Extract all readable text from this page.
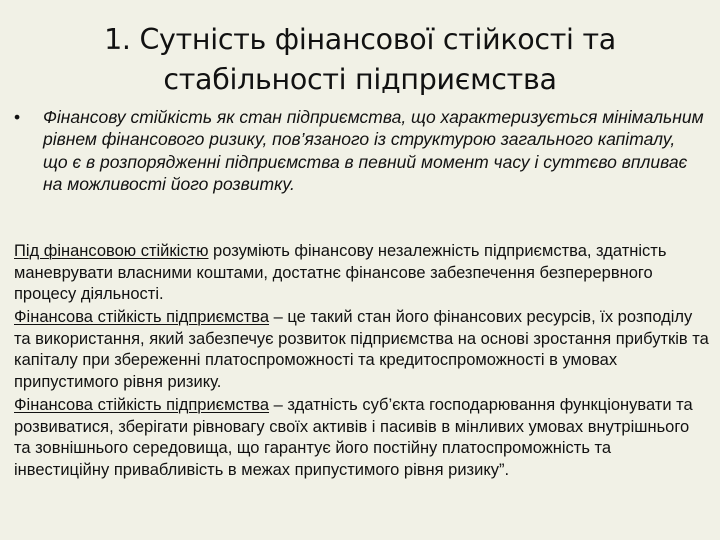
1. Сутність фінансової стійкості та
стабільності підприємства
• Фінансову стійкість як стан підприємства, що характеризується мінімальним рівнем фінансового ризику, пов’язаного із структурою загального капіталу, що є в розпорядженні підприємства в певний момент часу і суттєво впливає на можливості його розвитку.

Під фінансовою стійкістю розуміють фінансову незалежність підприємства, здатність маневрувати власними коштами, достатнє фінансове забезпечення безперервного процесу діяльності.

Фінансова стійкість підприємства – це такий стан його фінансових ресурсів, їх розподілу та використання, який забезпечує розвиток підприємства на основі зростання прибутків та капіталу при збереженні платоспроможності та кредитоспроможності в умовах припустимого рівня ризику.

Фінансова стійкість підприємства – здатність суб’єкта господарювання функціонувати та розвиватися, зберігати рівновагу своїх активів і пасивів в мінливих умовах внутрішнього та зовнішнього середовища, що гарантує його постійну платоспроможність та інвестиційну привабливість в межах припустимого рівня ризику”.
